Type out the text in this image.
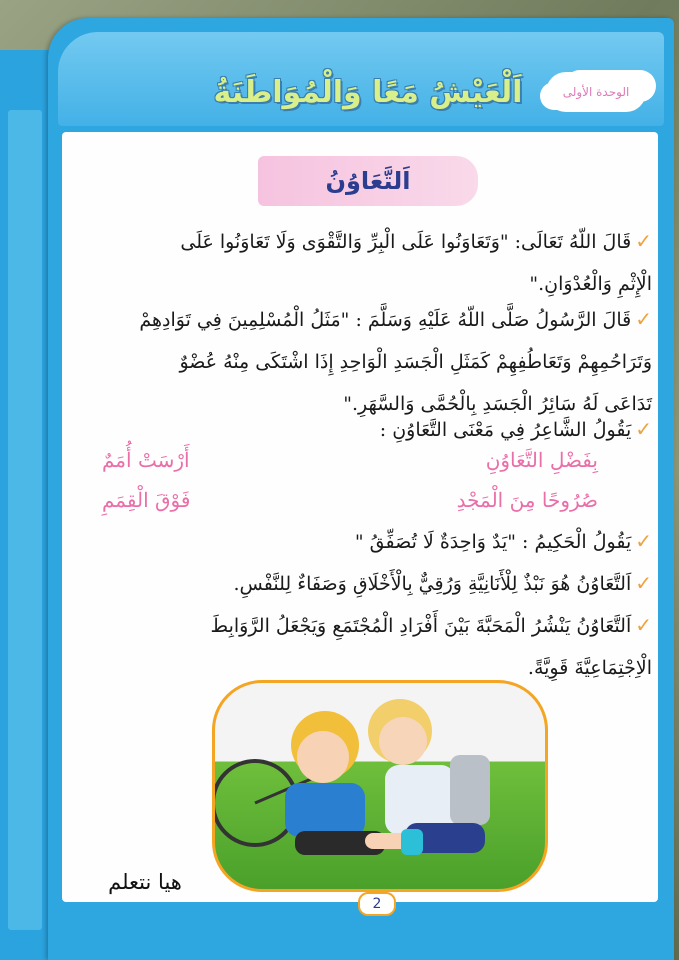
اَلْعَيْشُ مَعًا وَالْمُوَاطَنَةُ	الوحدة الأولى
اَلتَّعَاوُنُ
✓قَالَ اللّهُ تَعَالَى: "وَتَعَاوَنُوا عَلَى الْبِرِّ وَالتَّقْوَى وَلَا تَعَاوَنُوا عَلَى
الْإِثْمِ وَالْعُدْوَانِ."
✓قَالَ الرَّسُولُ صَلَّى اللّهُ عَلَيْهِ وَسَلَّمَ : "مَثَلُ الْمُسْلِمِينَ فِي تَوَادِهِمْ
وَتَرَاحُمِهِمْ وَتَعَاطُفِهِمْ كَمَثَلِ الْجَسَدِ الْوَاحِدِ إِذَا اشْتَكَى مِنْهُ عُضْوٌ
تَدَاعَى لَهُ سَائِرُ الْجَسَدِ بِالْحُمَّى وَالسَّهَرِ."
✓يَقُولُ الشَّاعِرُ فِي مَعْنَى التَّعَاوُنِ :
بِفَضْلِ التَّعَاوُنِ
أَرْسَتْ أُمَمٌ
صُرُوحًا مِنَ الْمَجْدِ
فَوْقَ الْقِمَمِ
✓يَقُولُ الْحَكِيمُ : "يَدٌ وَاحِدَةٌ لَا تُصَفِّقُ "
✓اَلتَّعَاوُنُ هُوَ نَبْذٌ لِلْأَنَانِيَّةِ وَرُقِيٌّ بِالْأَخْلَاقِ وَصَفَاءٌ لِلنَّفْسِ.
✓اَلتَّعَاوُنُ يَنْشُرُ الْمَحَبَّةَ بَيْنَ أَفْرَادِ الْمُجْتَمَعِ وَيَجْعَلُ الرَّوَابِطَ
الْاِجْتِمَاعِيَّةَ قَوِيَّةً.
هيا نتعلم
2
